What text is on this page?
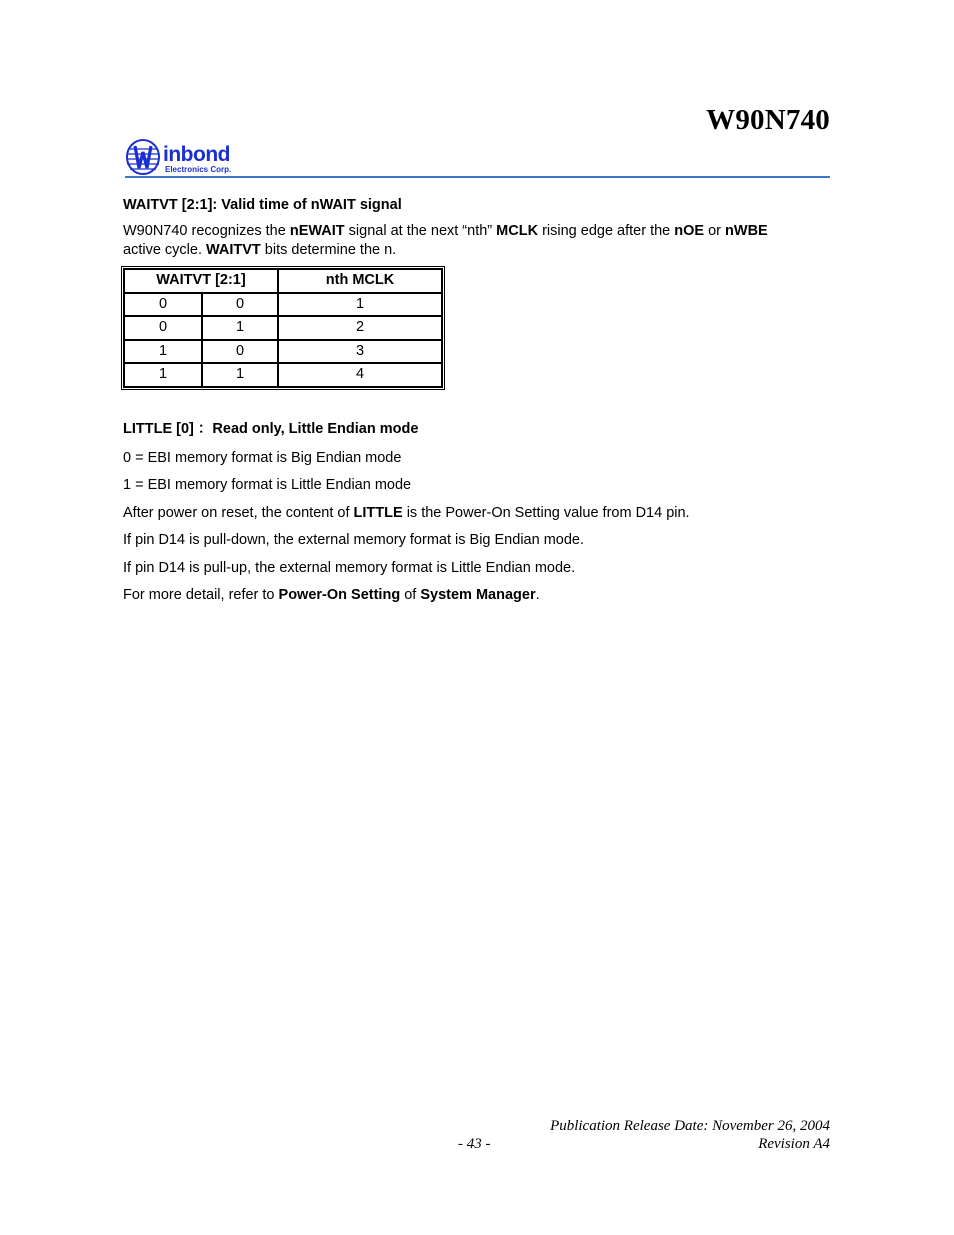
W90N740
W inbond
Electronics Corp.
WAITVT [2:1]: Valid time of nWAIT signal
W90N740 recognizes the nEWAIT signal at the next “nth” MCLK rising edge after the nOE or nWBE
active cycle. WAITVT bits determine the n.
WAITVT [2:1]		nth MCLK
0	0	1
0	1	2
1	0	3
1	1	4
LITTLE [0] ：Read only, Little Endian mode
0 = EBI memory format is Big Endian mode
1 = EBI memory format is Little Endian mode
After power on reset, the content of LITTLE is the Power-On Setting value from D14 pin.
If pin D14 is pull-down, the external memory format is Big Endian mode.
If pin D14 is pull-up, the external memory format is Little Endian mode.
For more detail, refer to Power-On Setting of System Manager.
Publication Release Date: November 26, 2004
- 43 -	Revision A4
